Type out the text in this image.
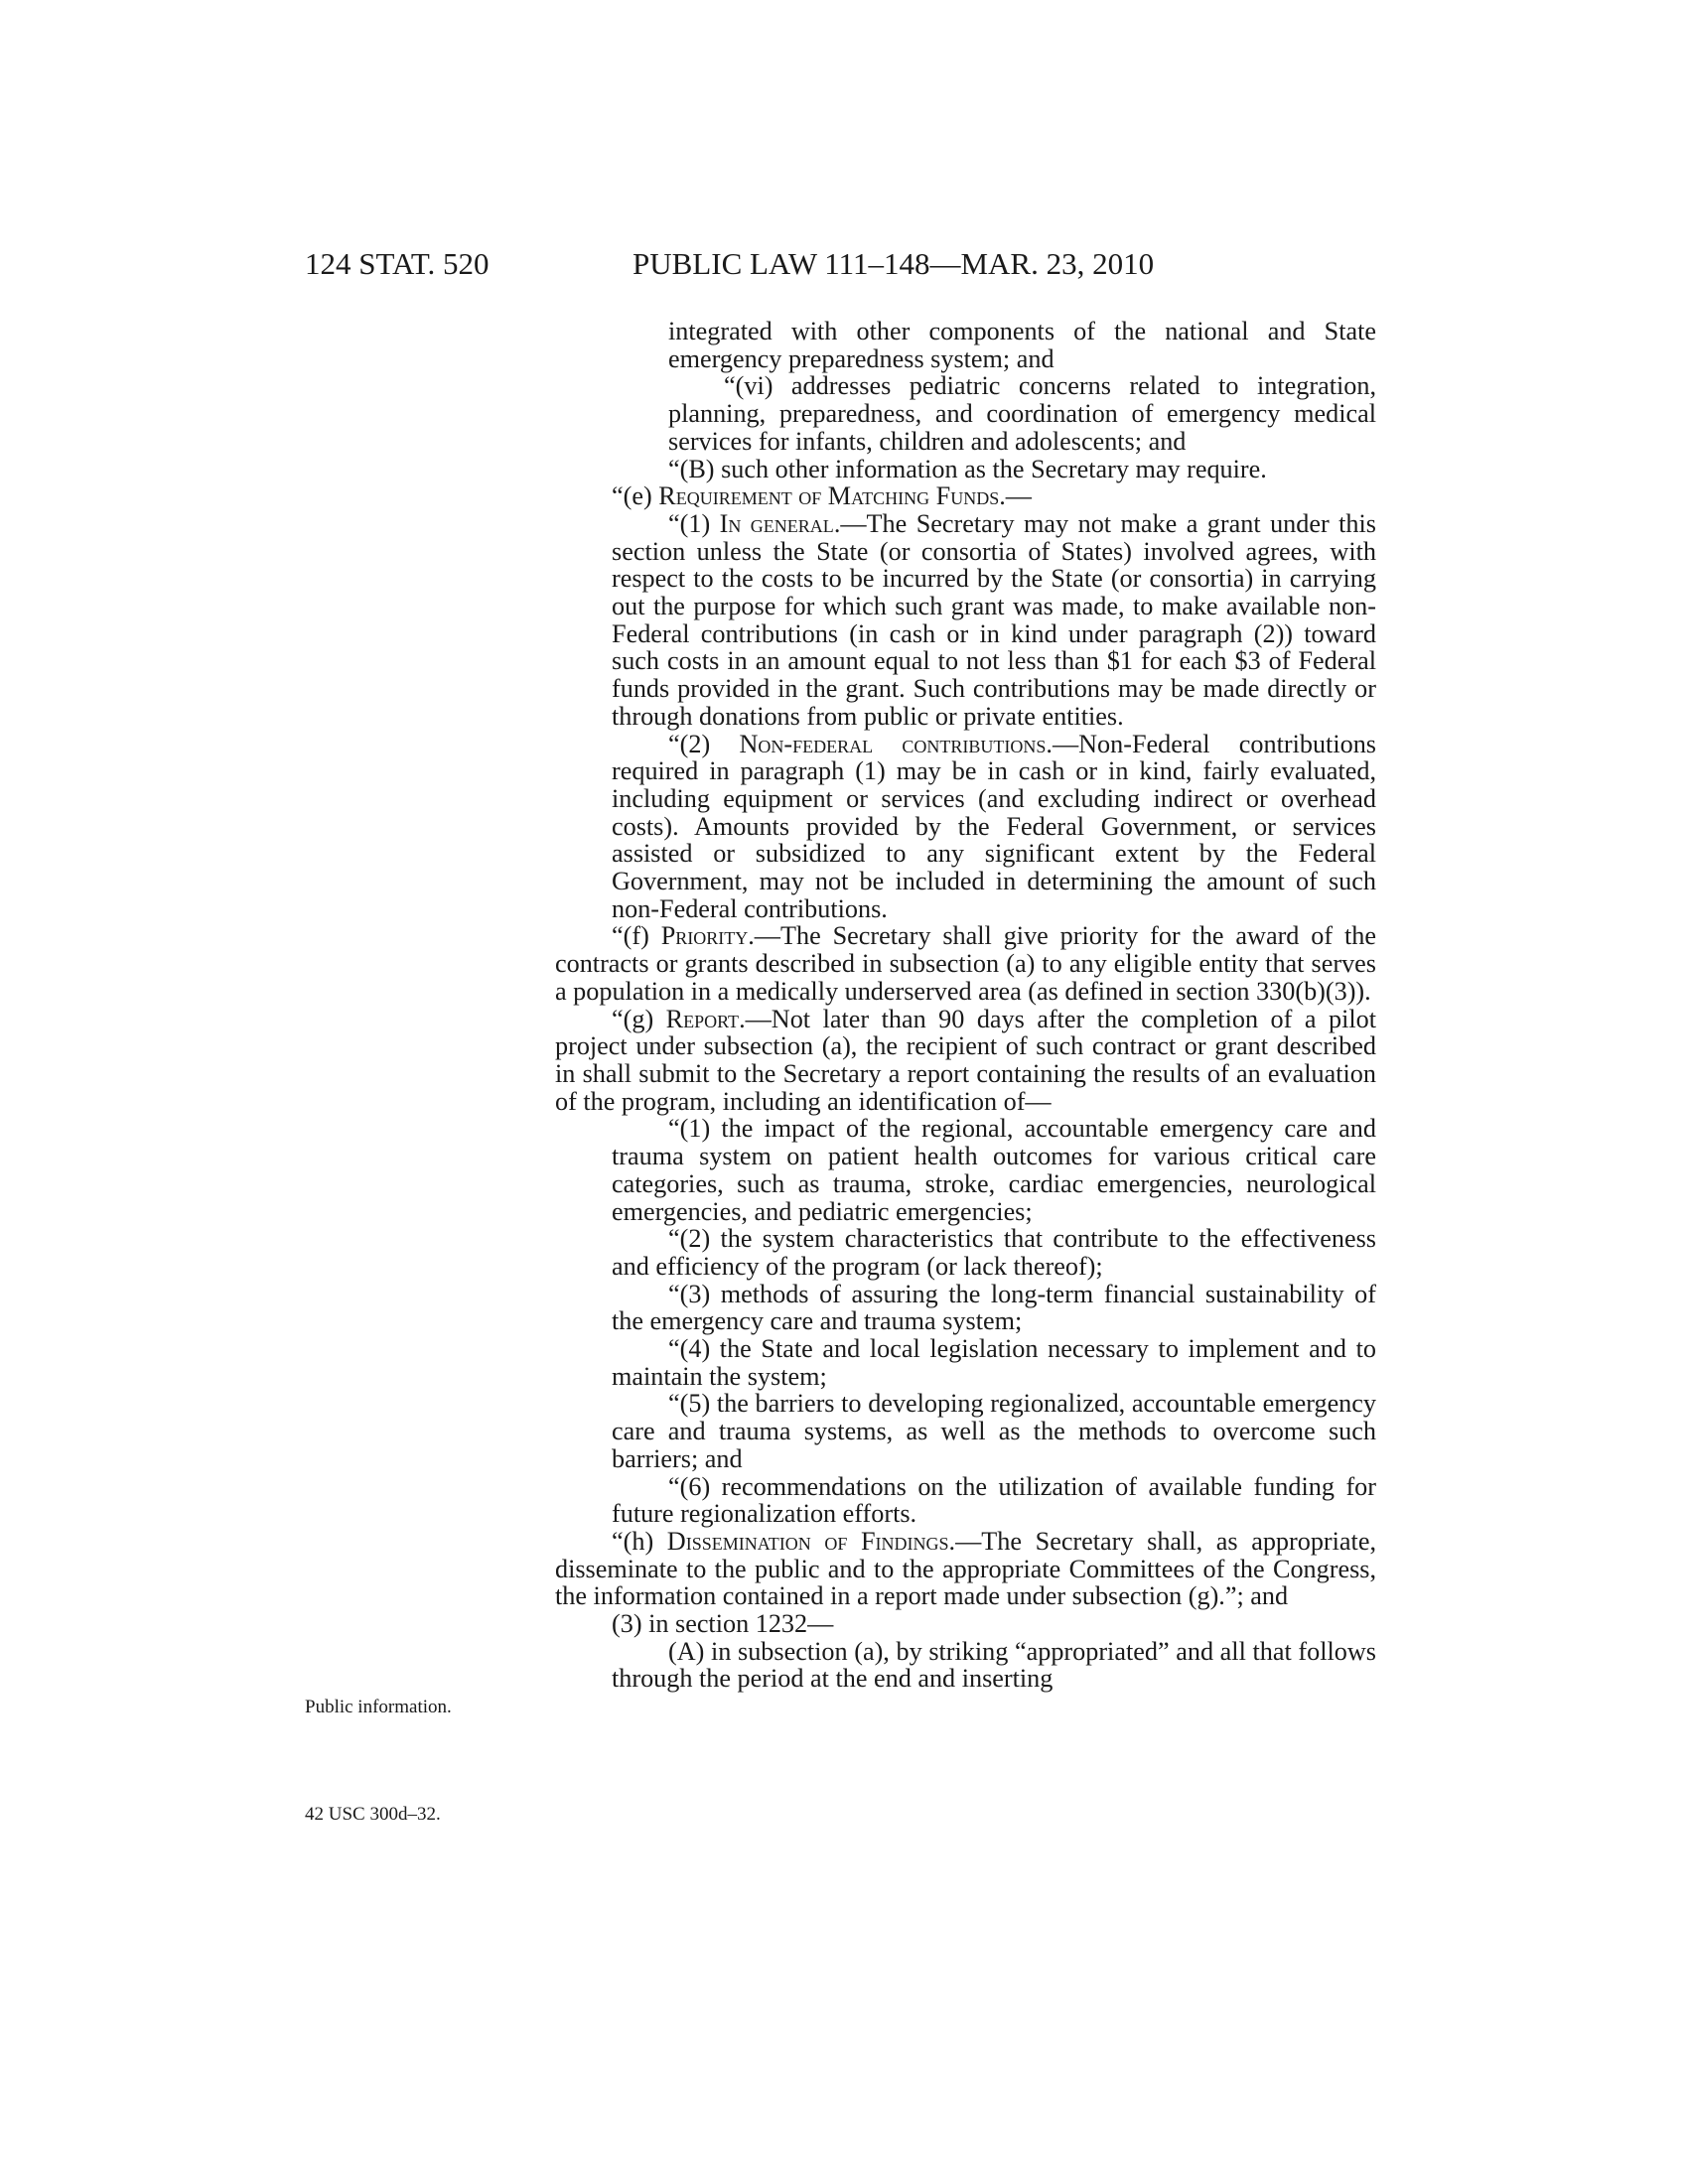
124 STAT. 520	PUBLIC LAW 111–148—MAR. 23, 2010
Public information.
42 USC 300d–32.

integrated with other components of the national and State emergency preparedness system; and

“(vi) addresses pediatric concerns related to integration, planning, preparedness, and coordination of emergency medical services for infants, children and adolescents; and

“(B) such other information as the Secretary may require.

“(e) Requirement of Matching Funds.—

“(1) In general.—The Secretary may not make a grant under this section unless the State (or consortia of States) involved agrees, with respect to the costs to be incurred by the State (or consortia) in carrying out the purpose for which such grant was made, to make available non-Federal contributions (in cash or in kind under paragraph (2)) toward such costs in an amount equal to not less than $1 for each $3 of Federal funds provided in the grant. Such contributions may be made directly or through donations from public or private entities.

“(2) Non-federal contributions.—Non-Federal contributions required in paragraph (1) may be in cash or in kind, fairly evaluated, including equipment or services (and excluding indirect or overhead costs). Amounts provided by the Federal Government, or services assisted or subsidized to any significant extent by the Federal Government, may not be included in determining the amount of such non-Federal contributions.

“(f) Priority.—The Secretary shall give priority for the award of the contracts or grants described in subsection (a) to any eligible entity that serves a population in a medically underserved area (as defined in section 330(b)(3)).

“(g) Report.—Not later than 90 days after the completion of a pilot project under subsection (a), the recipient of such contract or grant described in shall submit to the Secretary a report containing the results of an evaluation of the program, including an identification of—

“(1) the impact of the regional, accountable emergency care and trauma system on patient health outcomes for various critical care categories, such as trauma, stroke, cardiac emergencies, neurological emergencies, and pediatric emergencies;

“(2) the system characteristics that contribute to the effectiveness and efficiency of the program (or lack thereof);

“(3) methods of assuring the long-term financial sustainability of the emergency care and trauma system;

“(4) the State and local legislation necessary to implement and to maintain the system;

“(5) the barriers to developing regionalized, accountable emergency care and trauma systems, as well as the methods to overcome such barriers; and

“(6) recommendations on the utilization of available funding for future regionalization efforts.

“(h) Dissemination of Findings.—The Secretary shall, as appropriate, disseminate to the public and to the appropriate Committees of the Congress, the information contained in a report made under subsection (g).”; and

(3) in section 1232—

(A) in subsection (a), by striking “appropriated” and all that follows through the period at the end and inserting
